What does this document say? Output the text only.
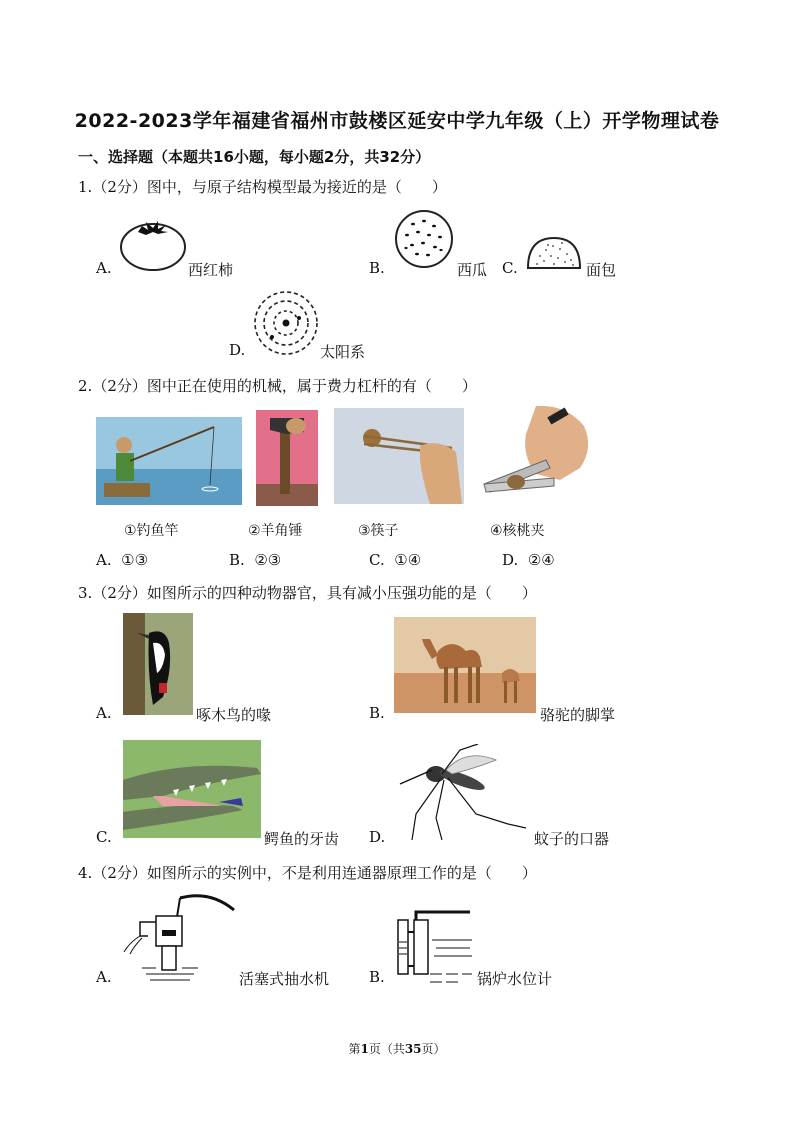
2022-2023学年福建省福州市鼓楼区延安中学九年级（上）开学物理试卷
一、选择题（本题共16小题，每小题2分，共32分）
1.（2分）图中，与原子结构模型最为接近的是（　　）
A.	西红柿	B.	西瓜 C.	面包
D.	太阳系
2.（2分）图中正在使用的机械，属于费力杠杆的有（　　）
①钓鱼竿	②羊角锤	③筷子	④核桃夹
A. ①③	B. ②③	C. ①④	D. ②④
3.（2分）如图所示的四种动物器官，具有减小压强功能的是（　　）
A.	啄木鸟的喙	B.	骆驼的脚掌
C.	鳄鱼的牙齿 D.	蚊子的口器
4.（2分）如图所示的实例中，不是利用连通器原理工作的是（　　）
A.	活塞式抽水机	B.	锅炉水位计
第1页（共35页）
